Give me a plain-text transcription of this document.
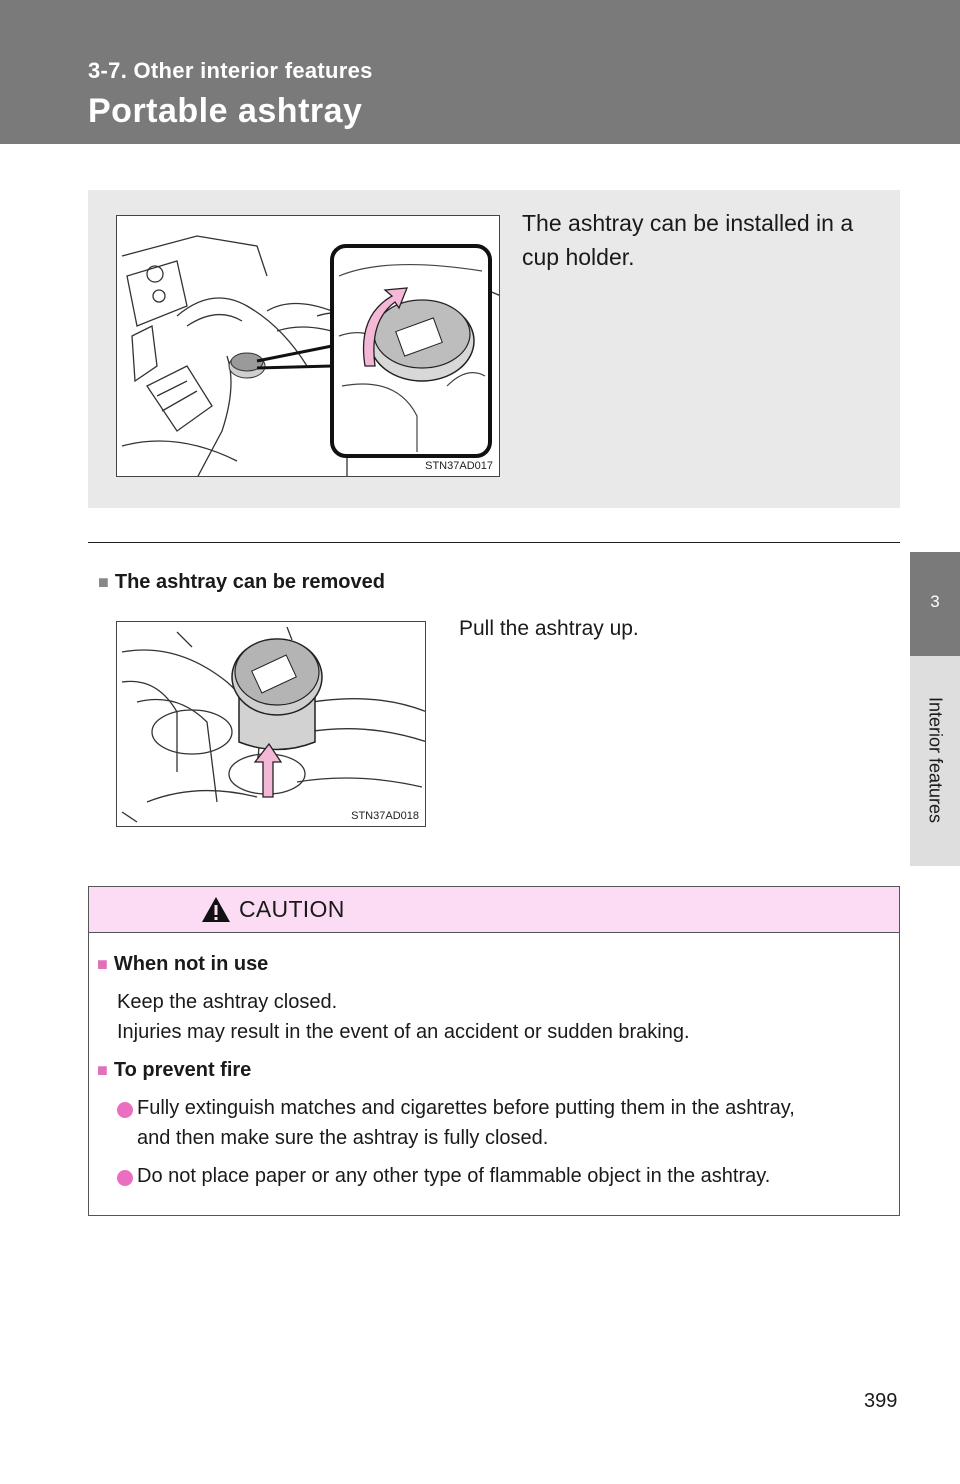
3-7. Other interior features
Portable ashtray
3
Interior features
STN37AD017
The ashtray can be installed in a cup holder.
■ The ashtray can be removed
STN37AD018
Pull the ashtray up.
CAUTION
■ When not in use
Keep the ashtray closed.
Injuries may result in the event of an accident or sudden braking.
■ To prevent fire
Fully extinguish matches and cigarettes before putting them in the ashtray,
and then make sure the ashtray is fully closed.
Do not place paper or any other type of flammable object in the ashtray.
399
